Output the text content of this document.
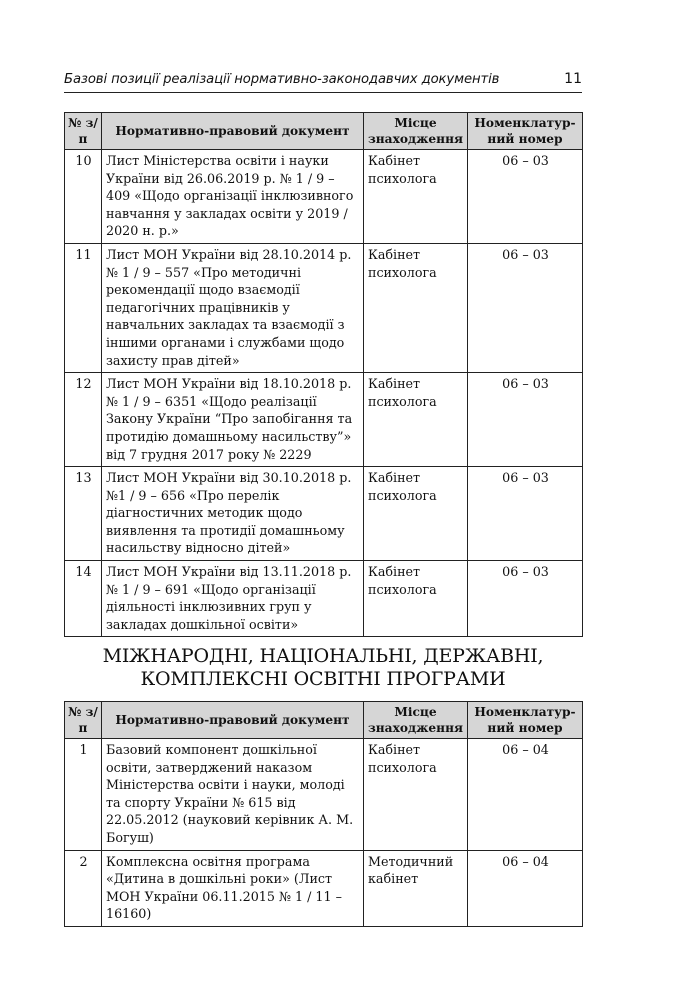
Базові позиції реалізації нормативно-законодавчих документів	11
№ з/п	Нормативно-правовий документ	Місце знаходження	Номенклатур-ний номер
10	Лист Міністерства освіти і науки України від 26.06.2019 р. № 1 / 9 – 409 «Щодо організації інклюзивного навчання у закладах освіти у 2019 / 2020 н. р.»	Кабінет психолога	06 – 03
11	Лист МОН України від 28.10.2014 р. № 1 / 9 – 557 «Про методичні рекомендації щодо взаємодії педагогічних працівників у навчальних закладах та взаємодії з іншими органами і службами щодо захисту прав дітей»	Кабінет психолога	06 – 03
12	Лист МОН України від 18.10.2018 р. № 1 / 9 – 6351 «Щодо реалізації Закону України “Про запобігання та протидію домашньому насильству”» від 7 грудня 2017 року № 2229	Кабінет психолога	06 – 03
13	Лист МОН України від 30.10.2018 р. №1 / 9 – 656 «Про перелік діагностичних методик щодо виявлення та протидії домашньому насильству відносно дітей»	Кабінет психолога	06 – 03
14	Лист МОН України від 13.11.2018 р. № 1 / 9 – 691 «Щодо організації діяльності інклюзивних груп у закладах дошкільної освіти»	Кабінет психолога	06 – 03
МІЖНАРОДНІ, НАЦІОНАЛЬНІ, ДЕРЖАВНІ,
КОМПЛЕКСНІ ОСВІТНІ ПРОГРАМИ
№ з/п	Нормативно-правовий документ	Місце знаходження	Номенклатур-ний номер
1	Базовий компонент дошкільної освіти, затверджений наказом Міністерства освіти і науки, молоді та спорту України № 615 від 22.05.2012 (науковий керівник А. М. Богуш)	Кабінет психолога	06 – 04
2	Комплексна освітня програма «Дитина в дошкільні роки» (Лист МОН України 06.11.2015 № 1 / 11 – 16160)	Методичний кабінет	06 – 04
